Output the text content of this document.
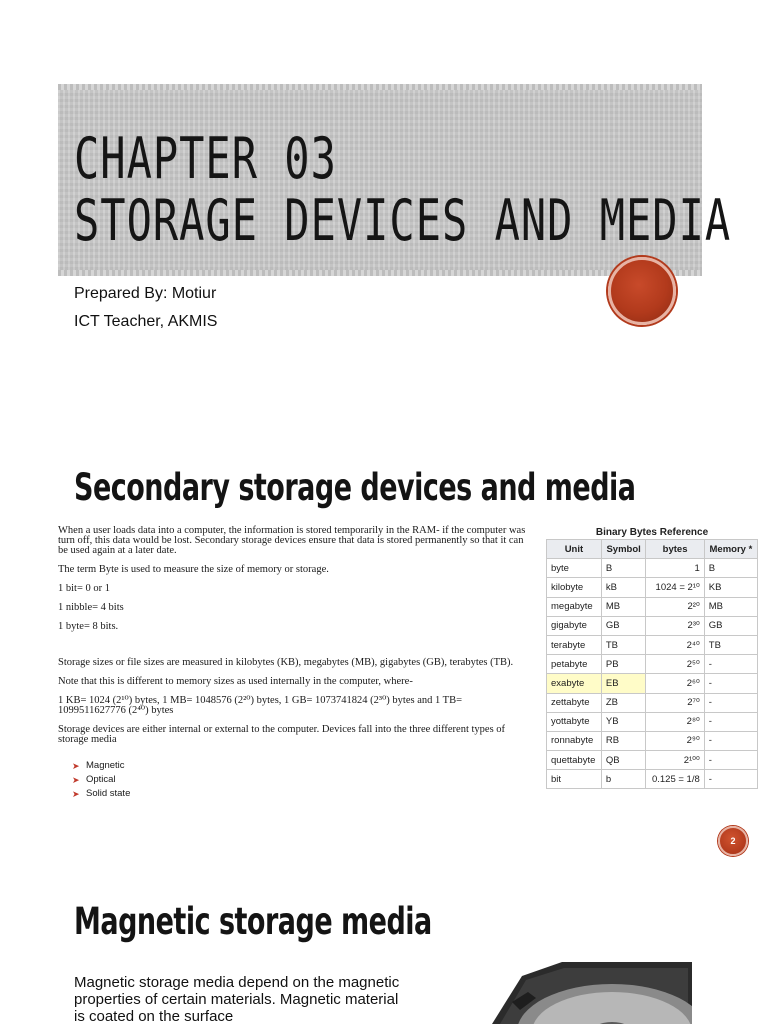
CHAPTER 03
STORAGE DEVICES AND MEDIA
Prepared By: Motiur
ICT Teacher, AKMIS
Secondary storage devices and media

When a user loads data into a computer, the information is stored temporarily in the RAM- if the computer was turn off, this data would be lost. Secondary storage devices ensure that data is stored permanently so that it can be used again at a later date.

The term Byte is used to measure the size of memory or storage.

1 bit= 0 or 1

1 nibble= 4 bits

1 byte= 8 bits.

Storage sizes or file sizes are measured in kilobytes (KB), megabytes (MB), gigabytes (GB), terabytes (TB).

Note that this is different to memory sizes as used internally in the computer, where-

1 KB= 1024 (2¹⁰) bytes, 1 MB= 1048576 (2²⁰) bytes, 1 GB= 1073741824 (2³⁰) bytes and 1 TB= 1099511627776 (2⁴⁰) bytes

Storage devices are either internal or external to the computer. Devices fall into the three different types of storage media

➤ Magnetic
➤ Optical
➤ Solid state
Binary Bytes Reference
Unit	Symbol	bytes	Memory *
byte	B	1	B
kilobyte	kB	1024 = 2¹⁰	KB
megabyte	MB	2²⁰	MB
gigabyte	GB	2³⁰	GB
terabyte	TB	2⁴⁰	TB
petabyte	PB	2⁵⁰	-
exabyte	EB	2⁶⁰	-
zettabyte	ZB	2⁷⁰	-
yottabyte	YB	2⁸⁰	-
ronnabyte	RB	2⁹⁰	-
quettabyte	QB	2¹⁰⁰	-
bit	b	0.125 = 1/8	-
2
Magnetic storage media

Magnetic storage media depend on the magnetic properties of certain materials. Magnetic material is coated on the surface
